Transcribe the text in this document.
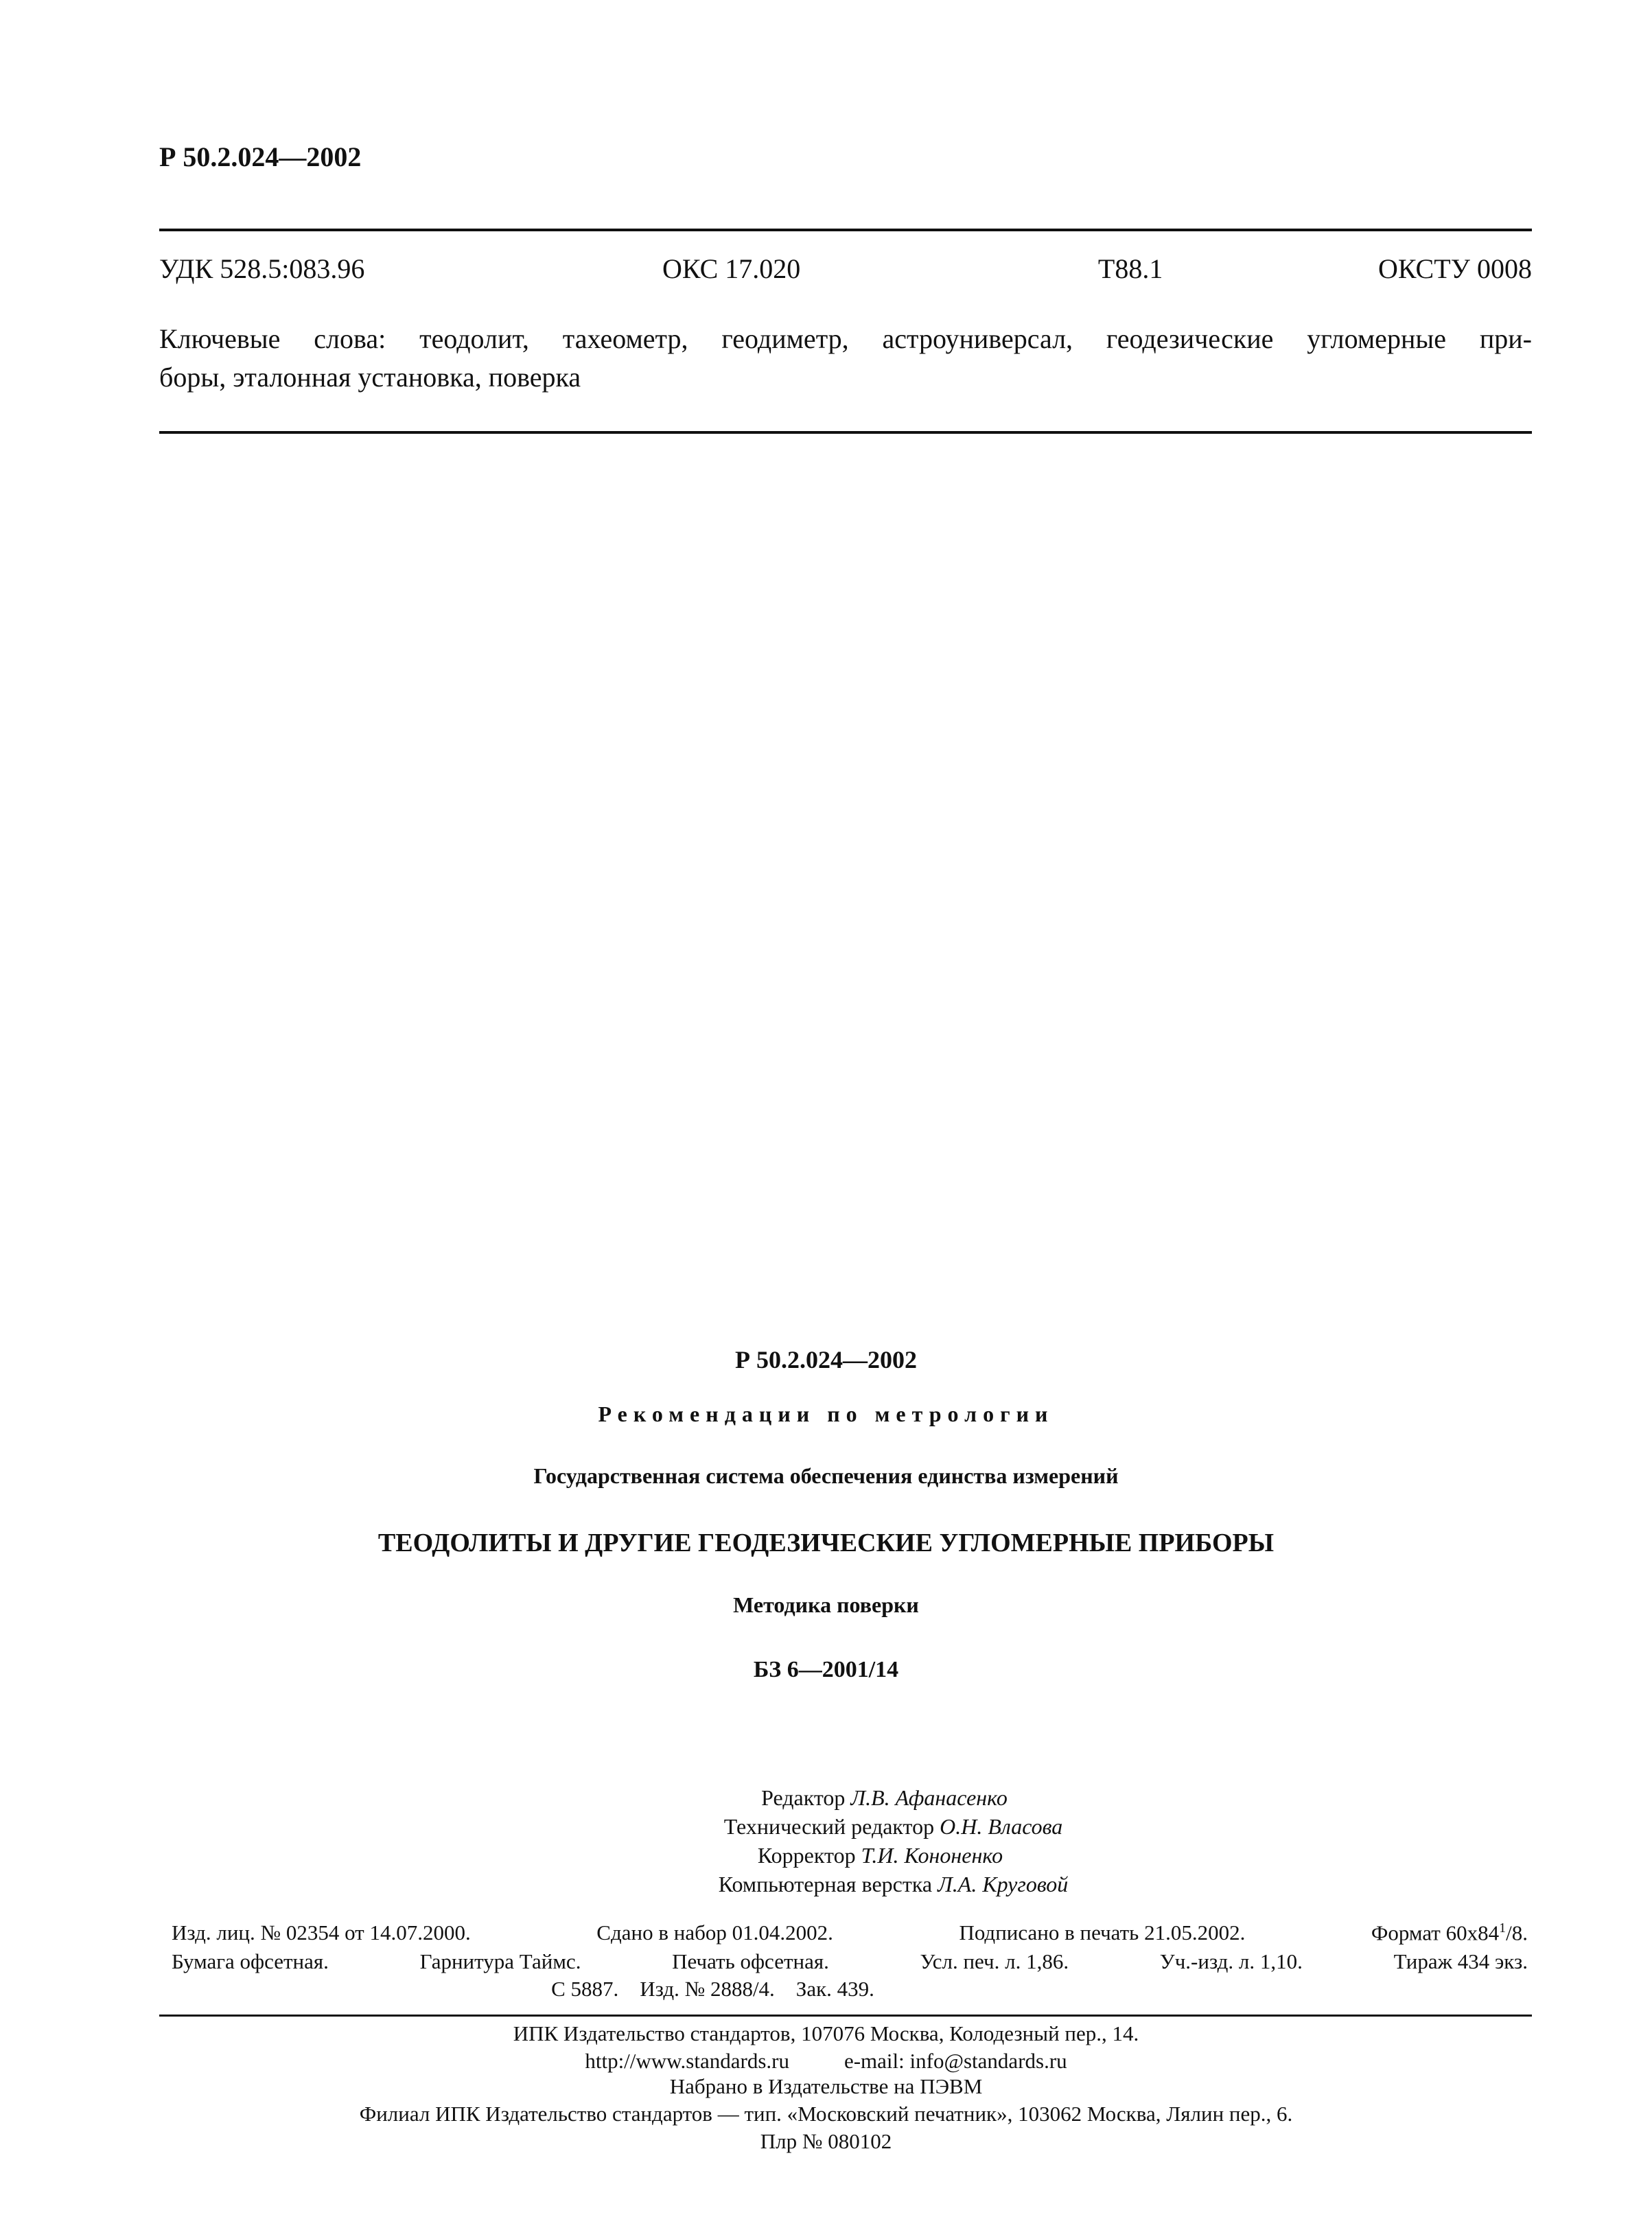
Р 50.2.024—2002
УДК 528.5:083.96	ОКС 17.020	Т88.1	ОКСТУ 0008
Ключевые слова: теодолит, тахеометр, геодиметр, астроуниверсал, геодезические угломерные при-
боры, эталонная установка, поверка
Р 50.2.024—2002
Рекомендации по метрологии
Государственная система обеспечения единства измерений
ТЕОДОЛИТЫ И ДРУГИЕ ГЕОДЕЗИЧЕСКИЕ УГЛОМЕРНЫЕ ПРИБОРЫ
Методика поверки
БЗ 6—2001/14
Редактор Л.В. Афанасенко
Технический редактор О.Н. Власова
Корректор Т.И. Кононенко
Компьютерная верстка Л.А. Круговой
Изд. лиц. № 02354 от 14.07.2000.	Сдано в набор 01.04.2002.	Подписано в печать 21.05.2002.	Формат $60х84^1/8$.
Бумага офсетная.	Гарнитура Таймс.	Печать офсетная.	Усл. печ. л. 1,86.	Уч.-изд. л. 1,10.	Тираж 434 экз.
С 5887.    Изд. № 2888/4.    Зак. 439.
ИПК Издательство стандартов, 107076 Москва, Колодезный пер., 14.
http://www.standards.ru	e-mail: info@standards.ru
Набрано в Издательстве на ПЭВМ
Филиал ИПК Издательство стандартов — тип. «Московский печатник», 103062 Москва, Лялин пер., 6.
Плр № 080102
